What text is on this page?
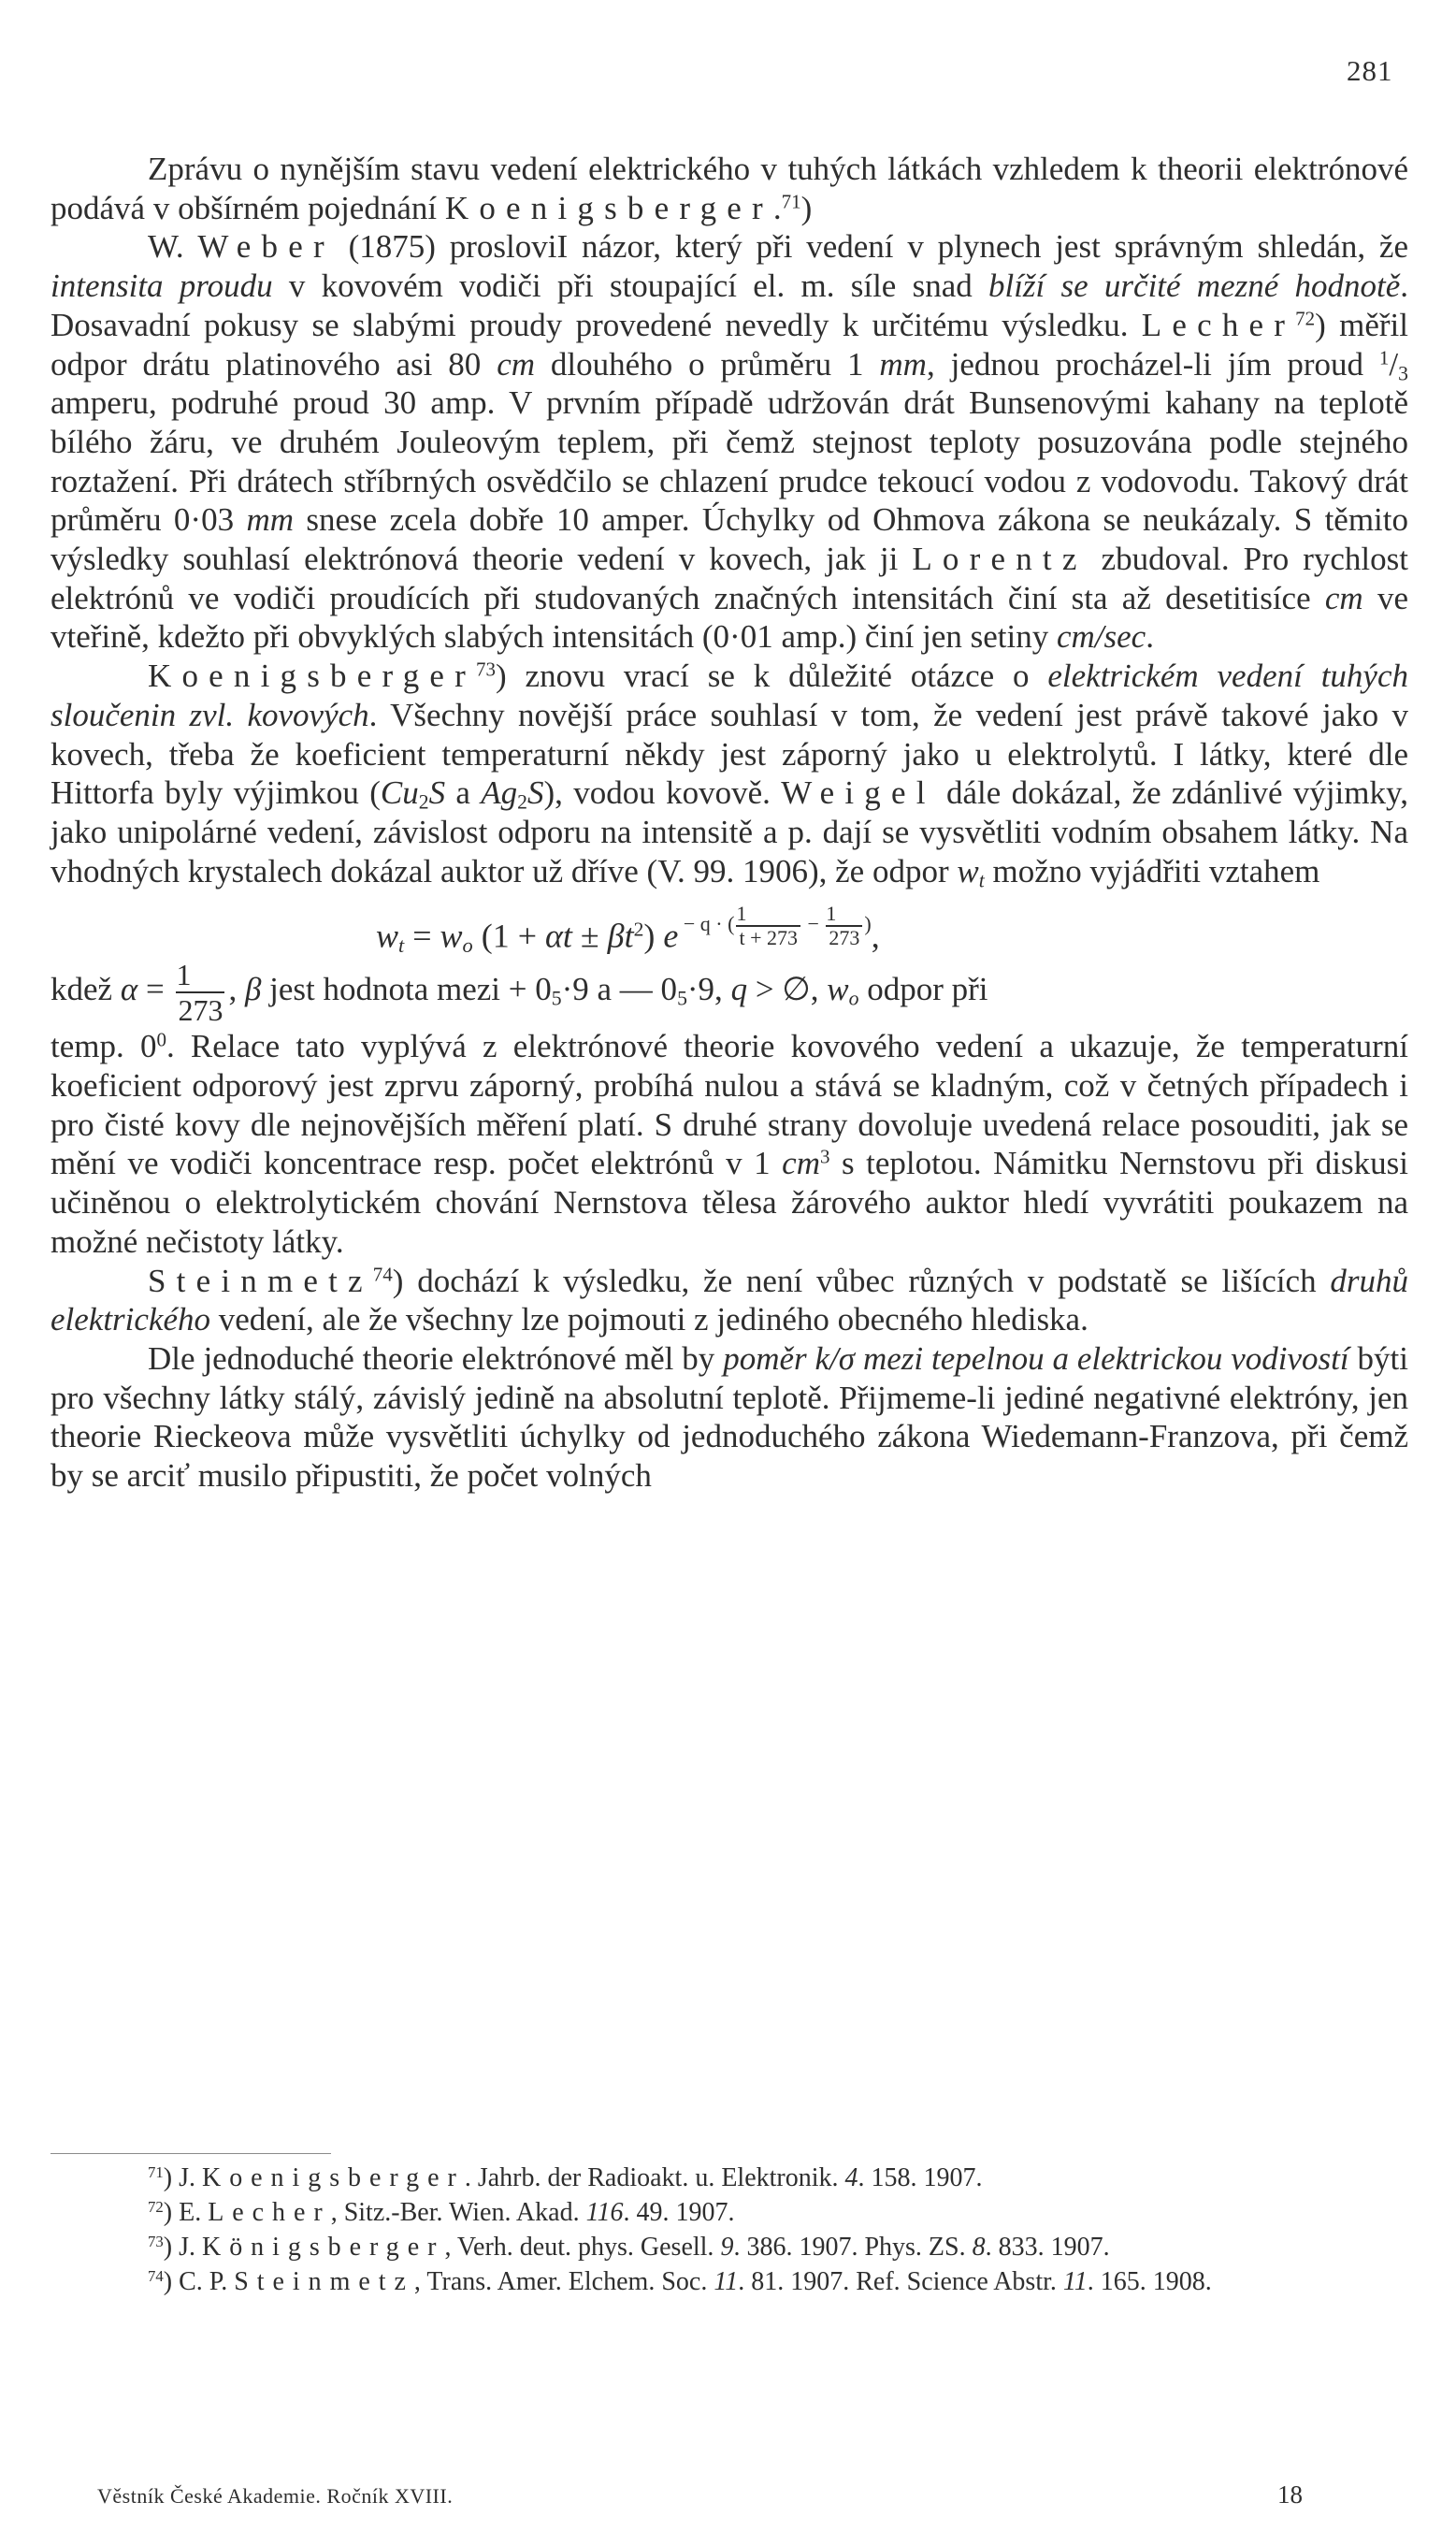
281

Zprávu o nynějším stavu vedení elektrického v tuhých látkách vzhledem k theorii elektrónové podává v obšírném pojednání Koenigsberger.$^{71}$)

W. Weber (1875) prosloviI názor, který při vedení v plynech jest správným shledán, že intensita proudu v kovovém vodiči při stoupající el. m. síle snad blíží se určité mezné hodnotě. Dosavadní pokusy se slabými proudy provedené nevedly k určitému výsledku. Lecher$^{72}$) měřil odpor drátu platinového asi 80 cm dlouhého o průměru 1 mm, jednou procházel-li jím proud $^1/_3$ amperu, podruhé proud 30 amp. V prvním případě udržován drát Bunsenovými kahany na teplotě bílého žáru, ve druhém Jouleovým teplem, při čemž stejnost teploty posuzována podle stejného roztažení. Při drátech stříbrných osvědčilo se chlazení prudce tekoucí vodou z vodovodu. Takový drát průměru 0·03 mm snese zcela dobře 10 amper. Úchylky od Ohmova zákona se neukázaly. S těmito výsledky souhlasí elektrónová theorie vedení v kovech, jak ji Lorentz zbudoval. Pro rychlost elektrónů ve vodiči proudících při studovaných značných intensitách činí sta až desetitisíce cm ve vteřině, kdežto při obvyklých slabých intensitách (0·01 amp.) činí jen setiny cm/sec.

Koenigsberger$^{73}$) znovu vrací se k důležité otázce o elektrickém vedení tuhých sloučenin zvl. kovových. Všechny novější práce souhlasí v tom, že vedení jest právě takové jako v kovech, třeba že koeficient temperaturní někdy jest záporný jako u elektrolytů. I látky, které dle Hittorfa byly výjimkou ($Cu_2S$ a $Ag_2S$), vodou kovově. Weigel dále dokázal, že zdánlivé výjimky, jako unipolárné vedení, závislost odporu na intensitě a p. dají se vysvětliti vodním obsahem látky. Na vhodných krystalech dokázal auktor už dříve (V. 99. 1906), že odpor $w_t$ možno vyjádřiti vztahem

$w_t = w_o$ $(1 + \alpha t \pm \beta t^2)$ e $^{- q \cdot ( \frac{1}{t + 273} - \frac{1}{273} )}$,

kdež $\alpha = \frac{1}{273}$ , β jest hodnota mezi + $0_5\cdot 9$ a — $0_5\cdot 9$, q > ∅, $w_o$ odpor při

temp. $0^0$. Relace tato vyplývá z elektrónové theorie kovového vedení a ukazuje, že temperaturní koeficient odporový jest zprvu záporný, probíhá nulou a stává se kladným, což v četných případech i pro čisté kovy dle nejnovějších měření platí. S druhé strany dovoluje uvedená relace posouditi, jak se mění ve vodiči koncentrace resp. počet elektrónů v 1 $cm^3$ s teplotou. Námitku Nernstovu při diskusi učiněnou o elektrolytickém chování Nernstova tělesa žárového auktor hledí vyvrátiti poukazem na možné nečistoty látky.

Steinmetz$^{74}$) dochází k výsledku, že není vůbec různých v podstatě se lišících druhů elektrického vedení, ale že všechny lze pojmouti z jediného obecného hlediska.

Dle jednoduché theorie elektrónové měl by poměr k/σ mezi tepelnou a elektrickou vodivostí býti pro všechny látky stálý, závislý jedině na absolutní teplotě. Přijmeme-li jediné negativné elektróny, jen theorie Rieckeova může vysvětliti úchylky od jednoduchého zákona Wiedemann-Franzova, při čemž by se arciť musilo připustiti, že počet volných

$^{71}$) J. Koenigsberger. Jahrb. der Radioakt. u. Elektronik. 4. 158. 1907.

$^{72}$) E. Lecher, Sitz.-Ber. Wien. Akad. 116. 49. 1907.

$^{73}$) J. Königsberger, Verh. deut. phys. Gesell. 9. 386. 1907. Phys. ZS. 8. 833. 1907.

$^{74}$) C. P. Steinmetz, Trans. Amer. Elchem. Soc. 11. 81. 1907. Ref. Science Abstr. 11. 165. 1908.

Věstník České Akademie. Ročník XVIII.	18
